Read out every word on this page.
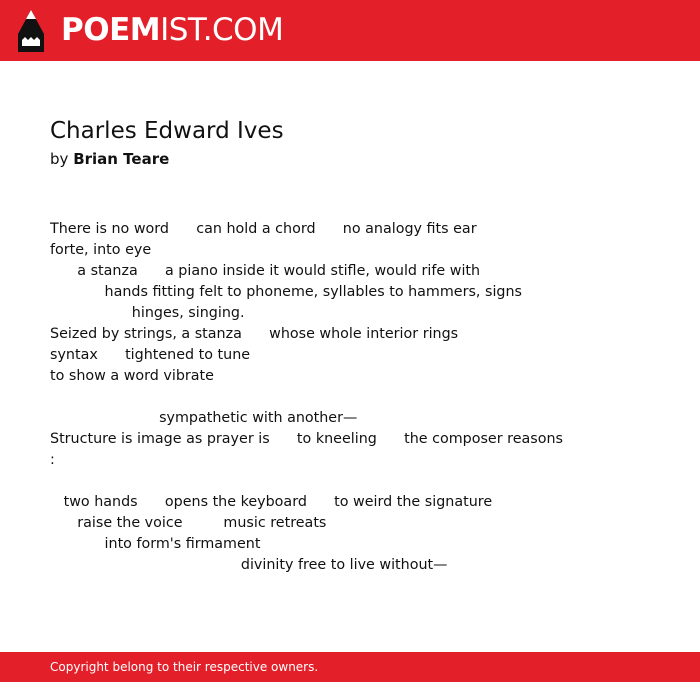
POEMIST.COM
Charles Edward Ives
by Brian Teare
There is no word      can hold a chord      no analogy fits ear
forte, into eye
a stanza      a piano inside it would stifle, would rife with
hands fitting felt to phoneme, syllables to hammers, signs
hinges, singing.
Seized by strings, a stanza      whose whole interior rings
syntax      tightened to tune
to show a word vibrate
sympathetic with another—
Structure is image as prayer is      to kneeling      the composer reasons
:
two hands      opens the keyboard      to weird the signature
raise the voice         music retreats
into form's firmament
divinity free to live without—
Copyright belong to their respective owners.
